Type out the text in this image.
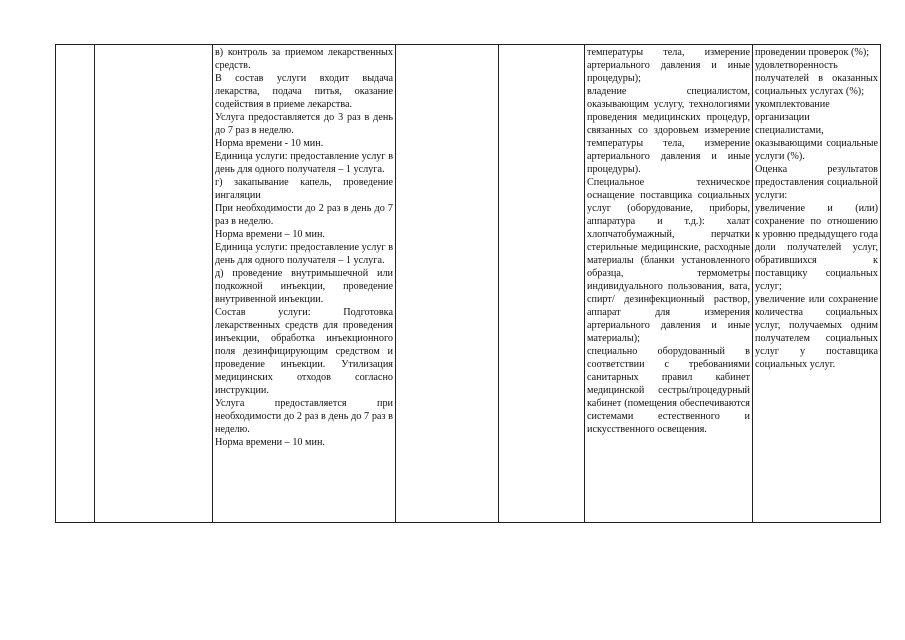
в) контроль за приемом лекарственных средств.
В состав услуги входит выдача лекарства, подача питья, оказание содействия в приеме лекарства.
Услуга предоставляется до 3 раз в день до 7 раз в неделю.
Норма времени - 10 мин.
Единица услуги: предоставление услуг в день для одного получателя – 1 услуга.
г) закапывание капель, проведение ингаляции
При необходимости до 2 раз в день до 7 раз в неделю.
Норма времени – 10 мин.
Единица услуги: предоставление услуг в день для одного получателя – 1 услуга.
д) проведение внутримышечной или подкожной инъекции, проведение внутривенной инъекции.
Состав услуги: Подготовка лекарственных средств для проведения инъекции, обработка инъекционного поля дезинфицирующим средством и проведение инъекции. Утилизация медицинских отходов согласно инструкции.
Услуга предоставляется при необходимости до 2 раз в день до 7 раз в неделю.
Норма времени – 10 мин.

температуры тела, измерение артериального давления и иные процедуры);
владение специалистом, оказывающим услугу, технологиями проведения медицинских процедур, связанных со здоровьем измерение температуры тела, измерение артериального давления и иные процедуры).
Специальное техническое оснащение поставщика социальных услуг (оборудование, приборы, аппаратура и т.д.): халат хлопчатобумажный, перчатки стерильные медицинские, расходные материалы (бланки установленного образца, термометры индивидуального пользования, вата, спирт/ дезинфекционный раствор, аппарат для измерения артериального давления и иные материалы);
специально оборудованный в соответствии с требованиями санитарных правил кабинет медицинской сестры/процедурный кабинет (помещения обеспечиваются системами естественного и искусственного освещения.

проведении проверок (%);
удовлетворенность получателей в оказанных социальных услугах (%);
укомплектование организации специалистами, оказывающими социальные услуги (%).
Оценка результатов предоставления социальной услуги:
увеличение и (или) сохранение по отношению к уровню предыдущего года доли получателей услуг, обратившихся к поставщику социальных услуг;
увеличение или сохранение количества социальных услуг, получаемых одним получателем социальных услуг у поставщика социальных услуг.
